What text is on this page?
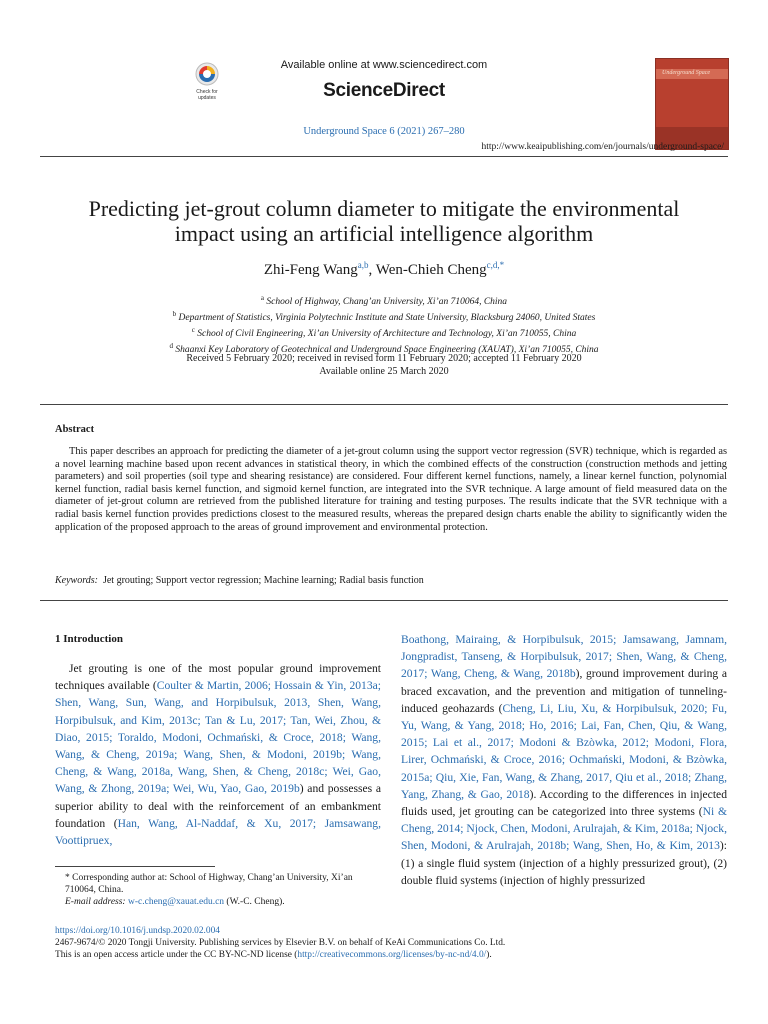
Check for
updates
Available online at www.sciencedirect.com
ScienceDirect
Underground Space
Underground Space 6 (2021) 267–280
http://www.keaipublishing.com/en/journals/underground-space/
Predicting jet-grout column diameter to mitigate the environmental impact using an artificial intelligence algorithm
Zhi-Feng Wang$^{a,b}$, Wen-Chieh Cheng$^{c,d,*}$
$^a$ School of Highway, Chang’an University, Xi’an 710064, China
$^b$ Department of Statistics, Virginia Polytechnic Institute and State University, Blacksburg 24060, United States
$^c$ School of Civil Engineering, Xi’an University of Architecture and Technology, Xi’an 710055, China
$^d$ Shaanxi Key Laboratory of Geotechnical and Underground Space Engineering (XAUAT), Xi’an 710055, China
Received 5 February 2020; received in revised form 11 February 2020; accepted 11 February 2020
Available online 25 March 2020
Abstract
This paper describes an approach for predicting the diameter of a jet-grout column using the support vector regression (SVR) technique, which is regarded as a novel learning machine based upon recent advances in statistical theory, in which the combined effects of the construction (construction methods and jetting parameters) and soil properties (soil type and shearing resistance) are considered. Four different kernel functions, namely, a linear kernel function, polynomial kernel function, radial basis kernel function, and sigmoid kernel function, are integrated into the SVR technique. A large amount of field measured data on the diameter of jet-grout column are retrieved from the published literature for training and testing purposes. The results indicate that the SVR technique with a radial basis kernel function provides predictions closest to the measured results, whereas the prepared design charts enable the ability to significantly widen the application of the proposed approach to the areas of ground improvement and environmental protection.
Keywords: Jet grouting; Support vector regression; Machine learning; Radial basis function
1 Introduction
Jet grouting is one of the most popular ground improvement techniques available (Coulter & Martin, 2006; Hossain & Yin, 2013a; Shen, Wang, Sun, Wang, and Horpibulsuk, 2013, Shen, Wang, Horpibulsuk, and Kim, 2013c; Tan & Lu, 2017; Tan, Wei, Zhou, & Diao, 2015; Toraldo, Modoni, Ochmański, & Croce, 2018; Wang, Wang, & Cheng, 2019a; Wang, Shen, & Modoni, 2019b; Wang, Cheng, & Wang, 2018a, Wang, Shen, & Cheng, 2018c; Wei, Gao, Wang, & Zhong, 2019a; Wei, Wu, Yao, Gao, 2019b) and possesses a superior ability to deal with the reinforcement of an embankment foundation (Han, Wang, Al-Naddaf, & Xu, 2017; Jamsawang, Voottipruex,
Boathong, Mairaing, & Horpibulsuk, 2015; Jamsawang, Jamnam, Jongpradist, Tanseng, & Horpibulsuk, 2017; Shen, Wang, & Cheng, 2017; Wang, Cheng, & Wang, 2018b), ground improvement during a braced excavation, and the prevention and mitigation of tunneling-induced geohazards (Cheng, Li, Liu, Xu, & Horpibulsuk, 2020; Fu, Yu, Wang, & Yang, 2018; Ho, 2016; Lai, Fan, Chen, Qiu, & Wang, 2015; Lai et al., 2017; Modoni & Bzòwka, 2012; Modoni, Flora, Lirer, Ochmański, & Croce, 2016; Ochmański, Modoni, & Bzòwka, 2015a; Qiu, Xie, Fan, Wang, & Zhang, 2017, Qiu et al., 2018; Zhang, Yang, Zhang, & Gao, 2018). According to the differences in injected fluids used, jet grouting can be categorized into three systems (Ni & Cheng, 2014; Njock, Chen, Modoni, Arulrajah, & Kim, 2018a; Njock, Shen, Modoni, & Arulrajah, 2018b; Wang, Shen, Ho, & Kim, 2013): (1) a single fluid system (injection of a highly pressurized grout), (2) double fluid systems (injection of highly pressurized
* Corresponding author at: School of Highway, Chang’an University, Xi’an 710064, China.
E-mail address: w-c.cheng@xauat.edu.cn (W.-C. Cheng).
https://doi.org/10.1016/j.undsp.2020.02.004
2467-9674/© 2020 Tongji University. Publishing services by Elsevier B.V. on behalf of KeAi Communications Co. Ltd.
This is an open access article under the CC BY-NC-ND license (http://creativecommons.org/licenses/by-nc-nd/4.0/).
